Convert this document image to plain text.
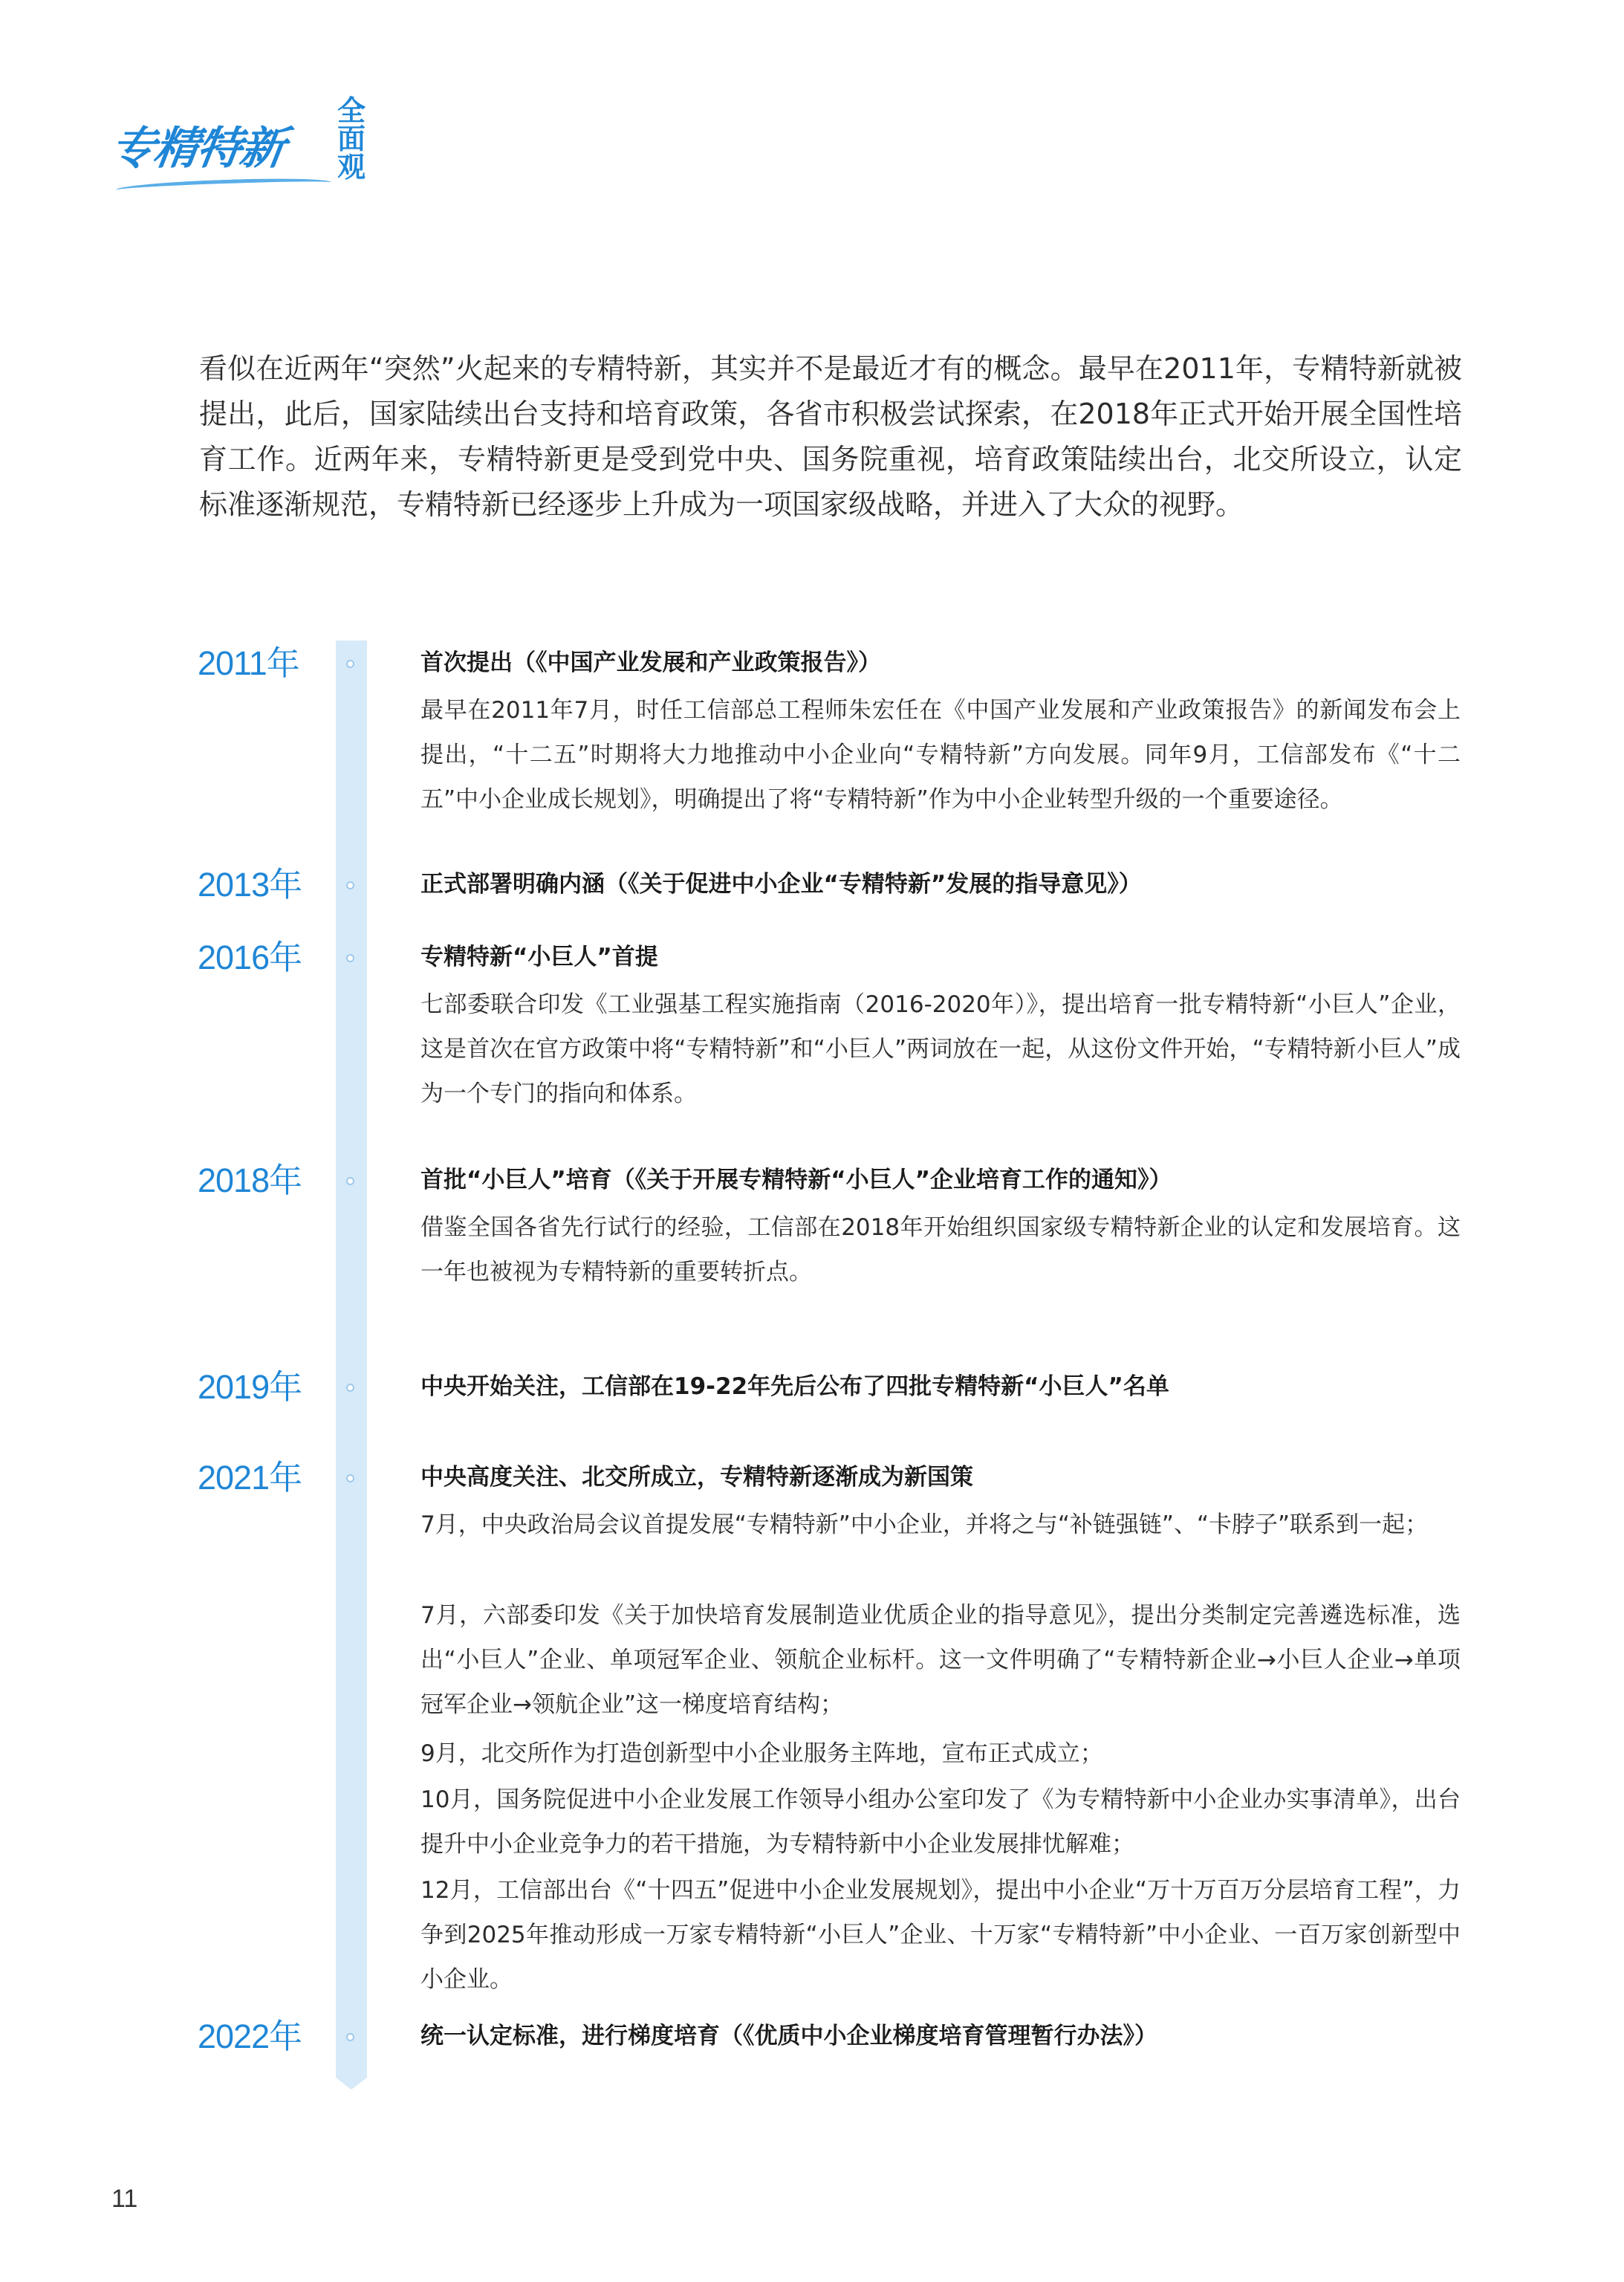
专精特新
全
面
观
看似在近两年“突然”火起来的专精特新，其实并不是最近才有的概念。最早在2011年，专精特新就被提出，此后，国家陆续出台支持和培育政策，各省市积极尝试探索，在2018年正式开始开展全国性培育工作。近两年来，专精特新更是受到党中央、国务院重视，培育政策陆续出台，北交所设立，认定标准逐渐规范，专精特新已经逐步上升成为一项国家级战略，并进入了大众的视野。
2011年	首次提出（《中国产业发展和产业政策报告》）
最早在2011年7月，时任工信部总工程师朱宏任在《中国产业发展和产业政策报告》的新闻发布会上提出，“十二五”时期将大力地推动中小企业向“专精特新”方向发展。同年9月，工信部发布《“十二五”中小企业成长规划》，明确提出了将“专精特新”作为中小企业转型升级的一个重要途径。
2013年	正式部署明确内涵（《关于促进中小企业“专精特新”发展的指导意见》）
2016年	专精特新“小巨人”首提
七部委联合印发《工业强基工程实施指南（2016-2020年）》，提出培育一批专精特新“小巨人”企业，这是首次在官方政策中将“专精特新”和“小巨人”两词放在一起，从这份文件开始，“专精特新小巨人”成为一个专门的指向和体系。
2018年	首批“小巨人”培育（《关于开展专精特新“小巨人”企业培育工作的通知》）
借鉴全国各省先行试行的经验，工信部在2018年开始组织国家级专精特新企业的认定和发展培育。这一年也被视为专精特新的重要转折点。
2019年	中央开始关注，工信部在19-22年先后公布了四批专精特新“小巨人”名单
2021年	中央高度关注、北交所成立，专精特新逐渐成为新国策
7月，中央政治局会议首提发展“专精特新”中小企业，并将之与“补链强链”、“卡脖子”联系到一起；
7月，六部委印发《关于加快培育发展制造业优质企业的指导意见》，提出分类制定完善遴选标准，选出“小巨人”企业、单项冠军企业、领航企业标杆。这一文件明确了“专精特新企业→小巨人企业→单项冠军企业→领航企业”这一梯度培育结构；
9月，北交所作为打造创新型中小企业服务主阵地，宣布正式成立；
10月，国务院促进中小企业发展工作领导小组办公室印发了《为专精特新中小企业办实事清单》，出台提升中小企业竞争力的若干措施，为专精特新中小企业发展排忧解难；
12月，工信部出台《“十四五”促进中小企业发展规划》，提出中小企业“万十万百万分层培育工程”，力争到2025年推动形成一万家专精特新“小巨人”企业、十万家“专精特新”中小企业、一百万家创新型中小企业。
2022年	统一认定标准，进行梯度培育（《优质中小企业梯度培育管理暂行办法》）
11
